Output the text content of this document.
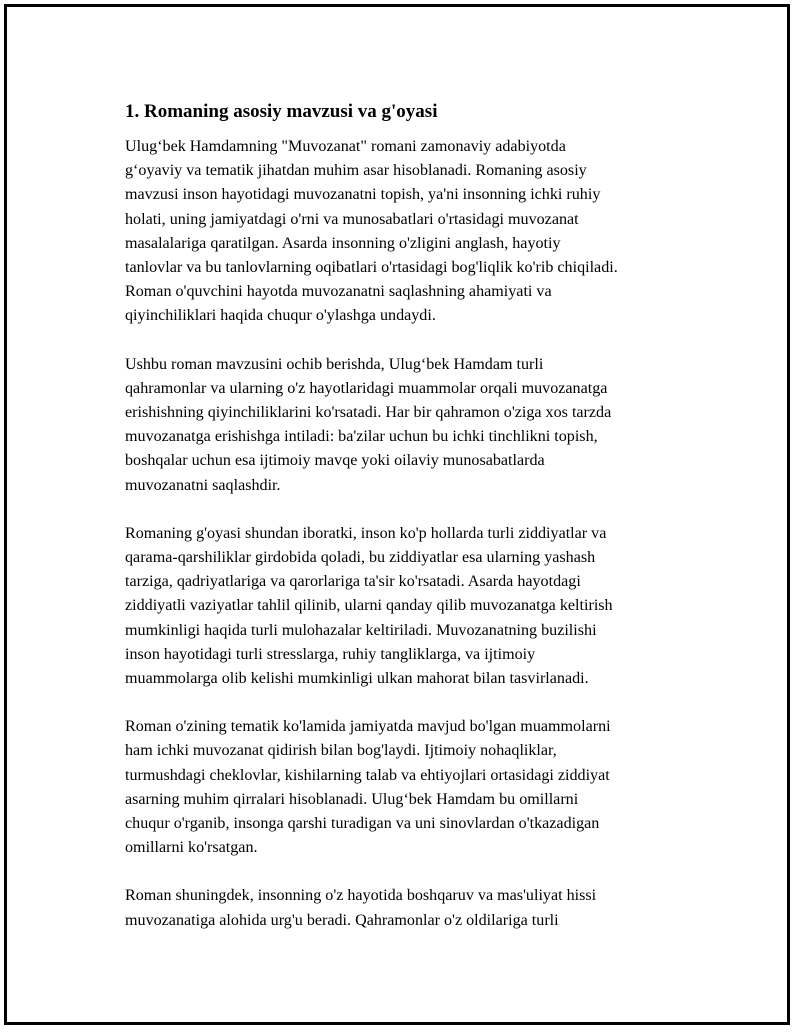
1. Romaning asosiy mavzusi va g'oyasi

Ulug‘bek Hamdamning "Muvozanat" romani zamonaviy adabiyotda
g‘oyaviy va tematik jihatdan muhim asar hisoblanadi. Romaning asosiy
mavzusi inson hayotidagi muvozanatni topish, ya'ni insonning ichki ruhiy
holati, uning jamiyatdagi o'rni va munosabatlari o'rtasidagi muvozanat
masalalariga qaratilgan. Asarda insonning o'zligini anglash, hayotiy
tanlovlar va bu tanlovlarning oqibatlari o'rtasidagi bog'liqlik ko'rib chiqiladi.
Roman o'quvchini hayotda muvozanatni saqlashning ahamiyati va
qiyinchiliklari haqida chuqur o'ylashga undaydi.

Ushbu roman mavzusini ochib berishda, Ulug‘bek Hamdam turli
qahramonlar va ularning o'z hayotlaridagi muammolar orqali muvozanatga
erishishning qiyinchiliklarini ko'rsatadi. Har bir qahramon o'ziga xos tarzda
muvozanatga erishishga intiladi: ba'zilar uchun bu ichki tinchlikni topish,
boshqalar uchun esa ijtimoiy mavqe yoki oilaviy munosabatlarda
muvozanatni saqlashdir.

Romaning g'oyasi shundan iboratki, inson ko'p hollarda turli ziddiyatlar va
qarama-qarshiliklar girdobida qoladi, bu ziddiyatlar esa ularning yashash
tarziga, qadriyatlariga va qarorlariga ta'sir ko'rsatadi. Asarda hayotdagi
ziddiyatli vaziyatlar tahlil qilinib, ularni qanday qilib muvozanatga keltirish
mumkinligi haqida turli mulohazalar keltiriladi. Muvozanatning buzilishi
inson hayotidagi turli stresslarga, ruhiy tangliklarga, va ijtimoiy
muammolarga olib kelishi mumkinligi ulkan mahorat bilan tasvirlanadi.

Roman o'zining tematik ko'lamida jamiyatda mavjud bo'lgan muammolarni
ham ichki muvozanat qidirish bilan bog'laydi. Ijtimoiy nohaqliklar,
turmushdagi cheklovlar, kishilarning talab va ehtiyojlari ortasidagi ziddiyat
asarning muhim qirralari hisoblanadi. Ulug‘bek Hamdam bu omillarni
chuqur o'rganib, insonga qarshi turadigan va uni sinovlardan o'tkazadigan
omillarni ko'rsatgan.

Roman shuningdek, insonning o'z hayotida boshqaruv va mas'uliyat hissi
muvozanatiga alohida urg'u beradi. Qahramonlar o'z oldilariga turli
